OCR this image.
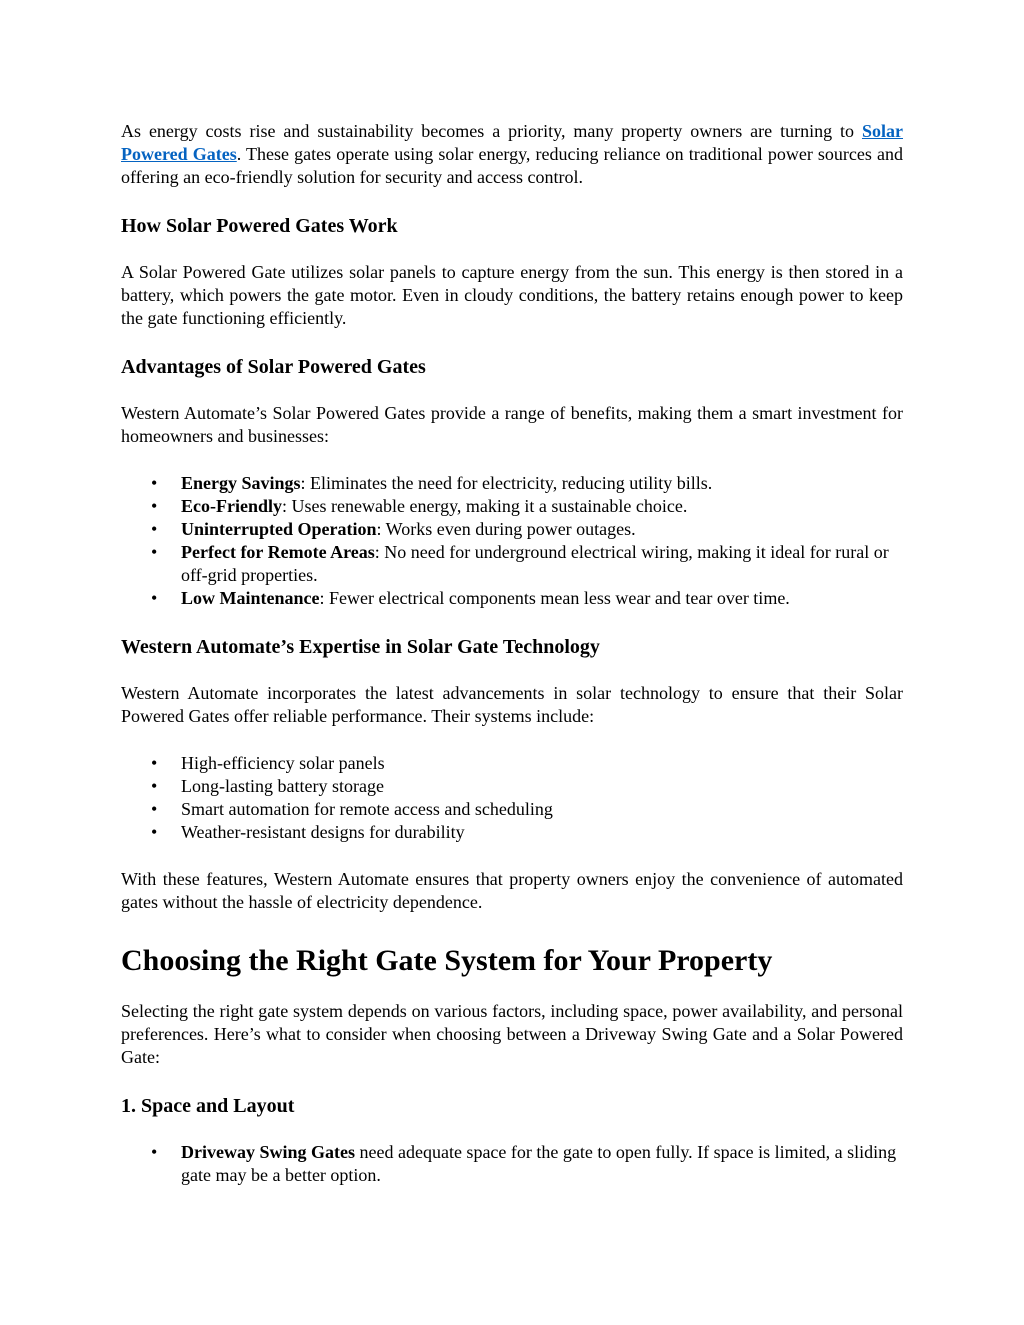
As energy costs rise and sustainability becomes a priority, many property owners are turning to Solar Powered Gates. These gates operate using solar energy, reducing reliance on traditional power sources and offering an eco-friendly solution for security and access control.

How Solar Powered Gates Work

A Solar Powered Gate utilizes solar panels to capture energy from the sun. This energy is then stored in a battery, which powers the gate motor. Even in cloudy conditions, the battery retains enough power to keep the gate functioning efficiently.

Advantages of Solar Powered Gates

Western Automate’s Solar Powered Gates provide a range of benefits, making them a smart investment for homeowners and businesses:

• Energy Savings: Eliminates the need for electricity, reducing utility bills.
• Eco-Friendly: Uses renewable energy, making it a sustainable choice.
• Uninterrupted Operation: Works even during power outages.
• Perfect for Remote Areas: No need for underground electrical wiring, making it ideal for rural or off-grid properties.
• Low Maintenance: Fewer electrical components mean less wear and tear over time.
Western Automate’s Expertise in Solar Gate Technology

Western Automate incorporates the latest advancements in solar technology to ensure that their Solar Powered Gates offer reliable performance. Their systems include:

• High-efficiency solar panels
• Long-lasting battery storage
• Smart automation for remote access and scheduling
• Weather-resistant designs for durability

With these features, Western Automate ensures that property owners enjoy the convenience of automated gates without the hassle of electricity dependence.

Choosing the Right Gate System for Your Property

Selecting the right gate system depends on various factors, including space, power availability, and personal preferences. Here’s what to consider when choosing between a Driveway Swing Gate and a Solar Powered Gate:

1. Space and Layout
• Driveway Swing Gates need adequate space for the gate to open fully. If space is limited, a sliding gate may be a better option.
